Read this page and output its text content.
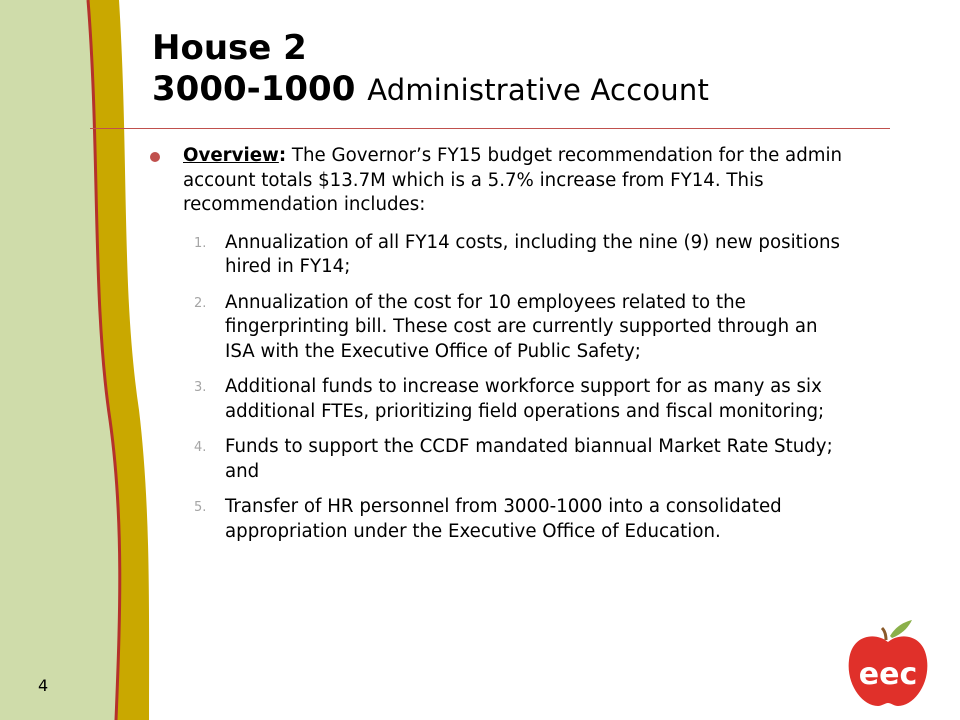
House 2
3000-1000 Administrative Account
Overview: The Governor’s FY15 budget recommendation for the admin account totals $13.7M which is a 5.7% increase from FY14. This recommendation includes:
1. Annualization of all FY14 costs, including the nine (9) new positions hired in FY14;
2. Annualization of the cost for 10 employees related to the fingerprinting bill. These cost are currently supported through an ISA with the Executive Office of Public Safety;
3. Additional funds to increase workforce support for as many as six additional FTEs, prioritizing field operations and fiscal monitoring;
4. Funds to support the CCDF mandated biannual Market Rate Study; and
5. Transfer of HR personnel from 3000-1000 into a consolidated appropriation under the Executive Office of Education.
4	eec
